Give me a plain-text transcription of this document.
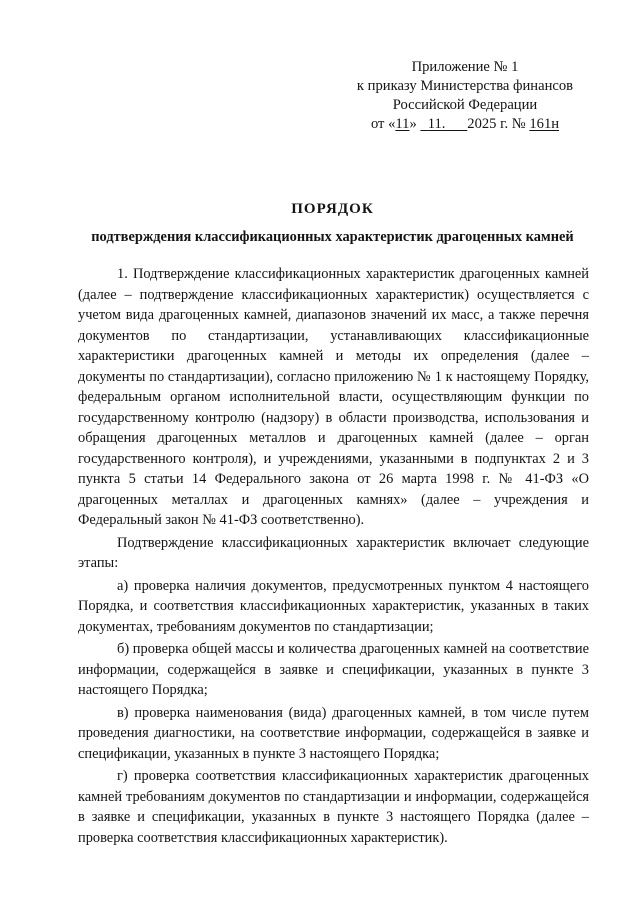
Приложение № 1
к приказу Министерства финансов
Российской Федерации
от «11» 11. 2025 г. № 161н
ПОРЯДОК
подтверждения классификационных характеристик драгоценных камней

1. Подтверждение классификационных характеристик драгоценных камней (далее – подтверждение классификационных характеристик) осуществляется с учетом вида драгоценных камней, диапазонов значений их масс, а также перечня документов по стандартизации, устанавливающих классификационные характеристики драгоценных камней и методы их определения (далее – документы по стандартизации), согласно приложению № 1 к настоящему Порядку, федеральным органом исполнительной власти, осуществляющим функции по государственному контролю (надзору) в области производства, использования и обращения драгоценных металлов и драгоценных камней (далее – орган государственного контроля), и учреждениями, указанными в подпунктах 2 и 3 пункта 5 статьи 14 Федерального закона от 26 марта 1998 г. № 41-ФЗ «О драгоценных металлах и драгоценных камнях» (далее – учреждения и Федеральный закон № 41-ФЗ соответственно).

Подтверждение классификационных характеристик включает следующие этапы:

а) проверка наличия документов, предусмотренных пунктом 4 настоящего Порядка, и соответствия классификационных характеристик, указанных в таких документах, требованиям документов по стандартизации;

б) проверка общей массы и количества драгоценных камней на соответствие информации, содержащейся в заявке и спецификации, указанных в пункте 3 настоящего Порядка;

в) проверка наименования (вида) драгоценных камней, в том числе путем проведения диагностики, на соответствие информации, содержащейся в заявке и спецификации, указанных в пункте 3 настоящего Порядка;

г) проверка соответствия классификационных характеристик драгоценных камней требованиям документов по стандартизации и информации, содержащейся в заявке и спецификации, указанных в пункте 3 настоящего Порядка (далее – проверка соответствия классификационных характеристик).
